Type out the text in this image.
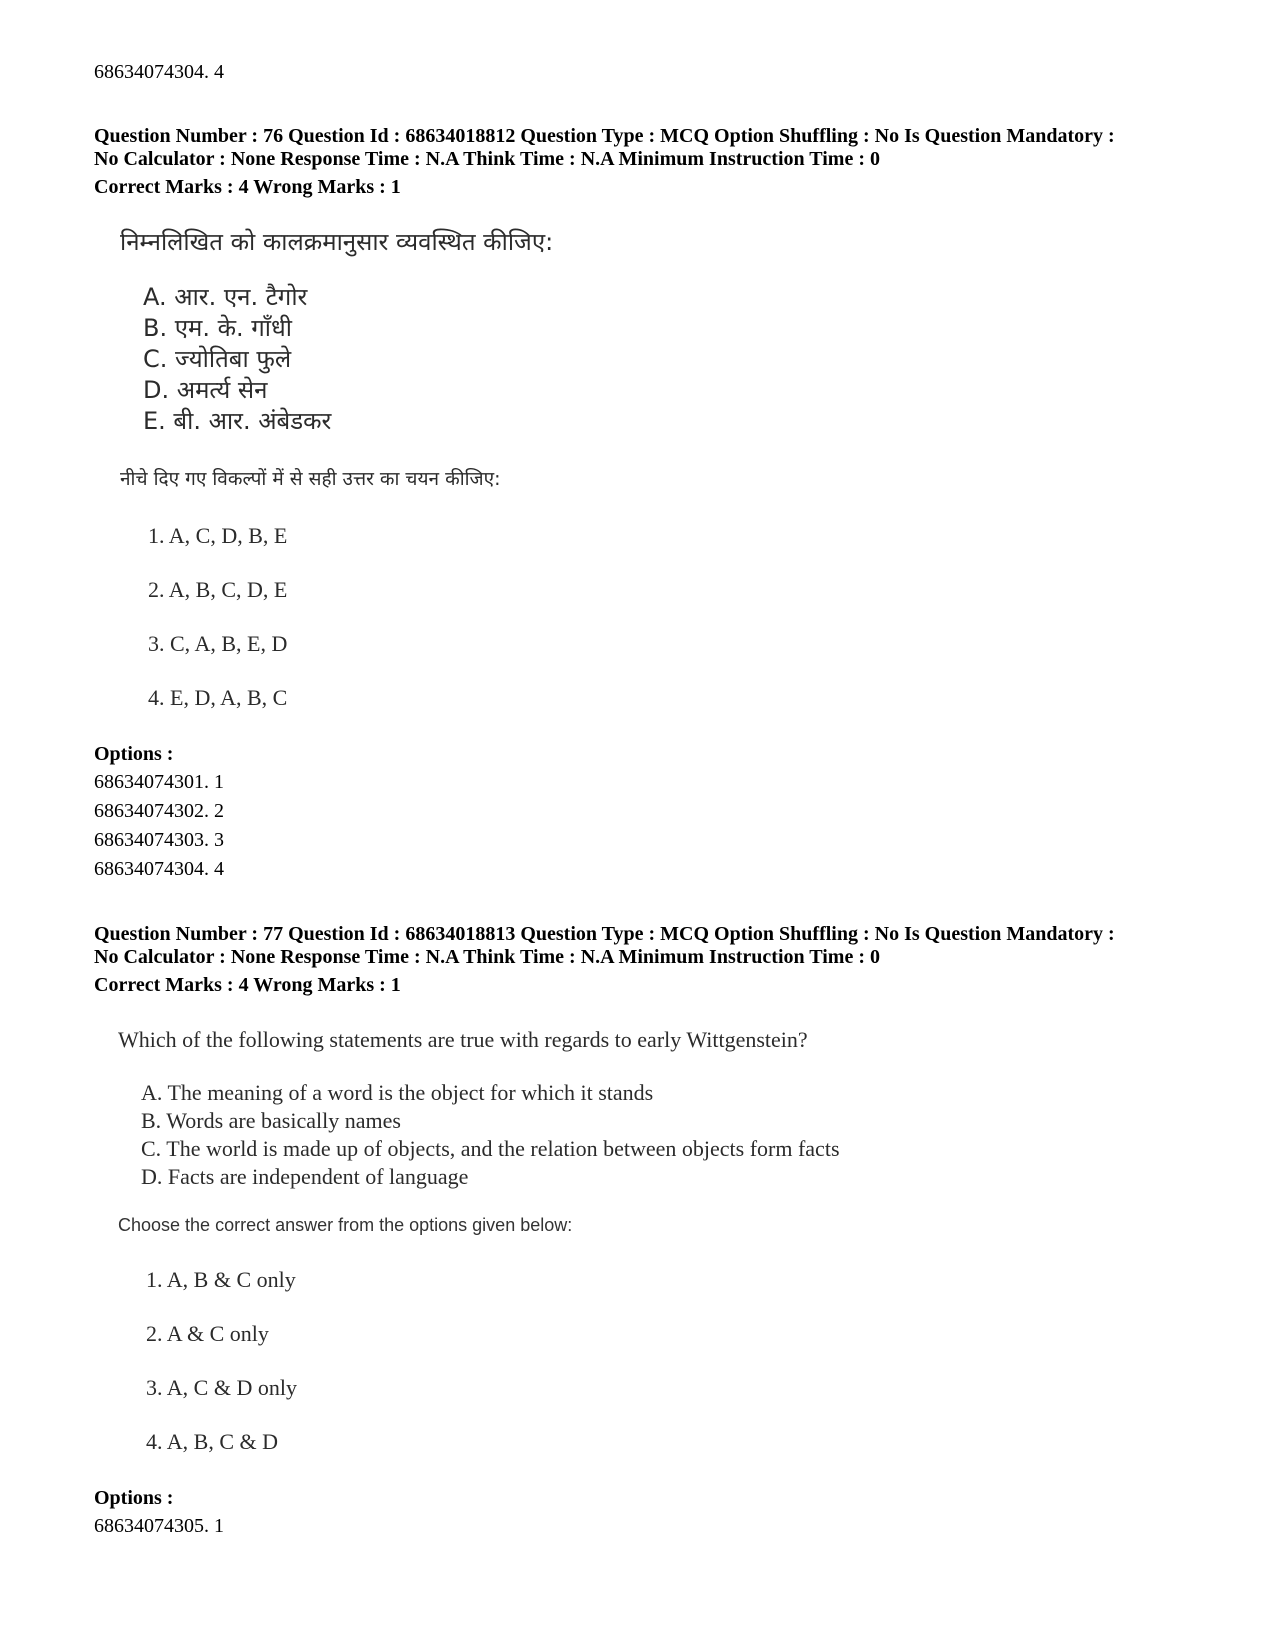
68634074304. 4
Question Number : 76 Question Id : 68634018812 Question Type : MCQ Option Shuffling : No Is Question Mandatory :
No Calculator : None Response Time : N.A Think Time : N.A Minimum Instruction Time : 0
Correct Marks : 4 Wrong Marks : 1
निम्नलिखित को कालक्रमानुसार व्यवस्थित कीजिए:
A. आर. एन. टैगोर
B. एम. के. गाँधी
C. ज्योतिबा फुले
D. अमर्त्य सेन
E. बी. आर. अंबेडकर
नीचे दिए गए विकल्पों में से सही उत्तर का चयन कीजिए:
1. A, C, D, B, E
2. A, B, C, D, E
3. C, A, B, E, D
4. E, D, A, B, C
Options :
68634074301. 1
68634074302. 2
68634074303. 3
68634074304. 4
Question Number : 77 Question Id : 68634018813 Question Type : MCQ Option Shuffling : No Is Question Mandatory :
No Calculator : None Response Time : N.A Think Time : N.A Minimum Instruction Time : 0
Correct Marks : 4 Wrong Marks : 1
Which of the following statements are true with regards to early Wittgenstein?
A. The meaning of a word is the object for which it stands
B. Words are basically names
C. The world is made up of objects, and the relation between objects form facts
D. Facts are independent of language
Choose the correct answer from the options given below:
1. A, B & C only
2. A & C only
3. A, C & D only
4. A, B, C & D
Options :
68634074305. 1
